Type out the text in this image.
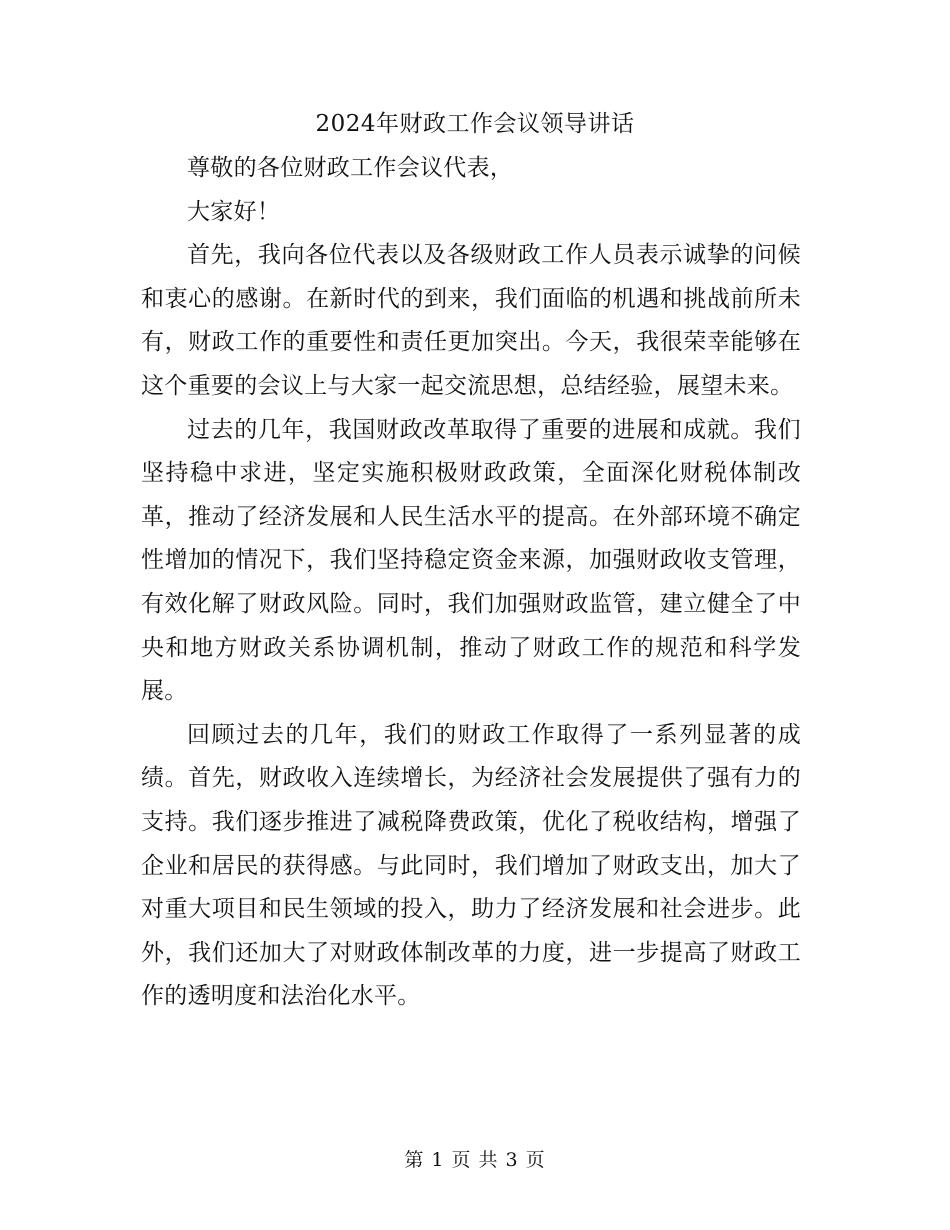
2024年财政工作会议领导讲话

尊敬的各位财政工作会议代表，

大家好！

首先，我向各位代表以及各级财政工作人员表示诚挚的问候和衷心的感谢。在新时代的到来，我们面临的机遇和挑战前所未有，财政工作的重要性和责任更加突出。今天，我很荣幸能够在这个重要的会议上与大家一起交流思想，总结经验，展望未来。

过去的几年，我国财政改革取得了重要的进展和成就。我们坚持稳中求进，坚定实施积极财政政策，全面深化财税体制改革，推动了经济发展和人民生活水平的提高。在外部环境不确定性增加的情况下，我们坚持稳定资金来源，加强财政收支管理，有效化解了财政风险。同时，我们加强财政监管，建立健全了中央和地方财政关系协调机制，推动了财政工作的规范和科学发展。

回顾过去的几年，我们的财政工作取得了一系列显著的成绩。首先，财政收入连续增长，为经济社会发展提供了强有力的支持。我们逐步推进了减税降费政策，优化了税收结构，增强了企业和居民的获得感。与此同时，我们增加了财政支出，加大了对重大项目和民生领域的投入，助力了经济发展和社会进步。此外，我们还加大了对财政体制改革的力度，进一步提高了财政工作的透明度和法治化水平。

第 1 页 共 3 页
